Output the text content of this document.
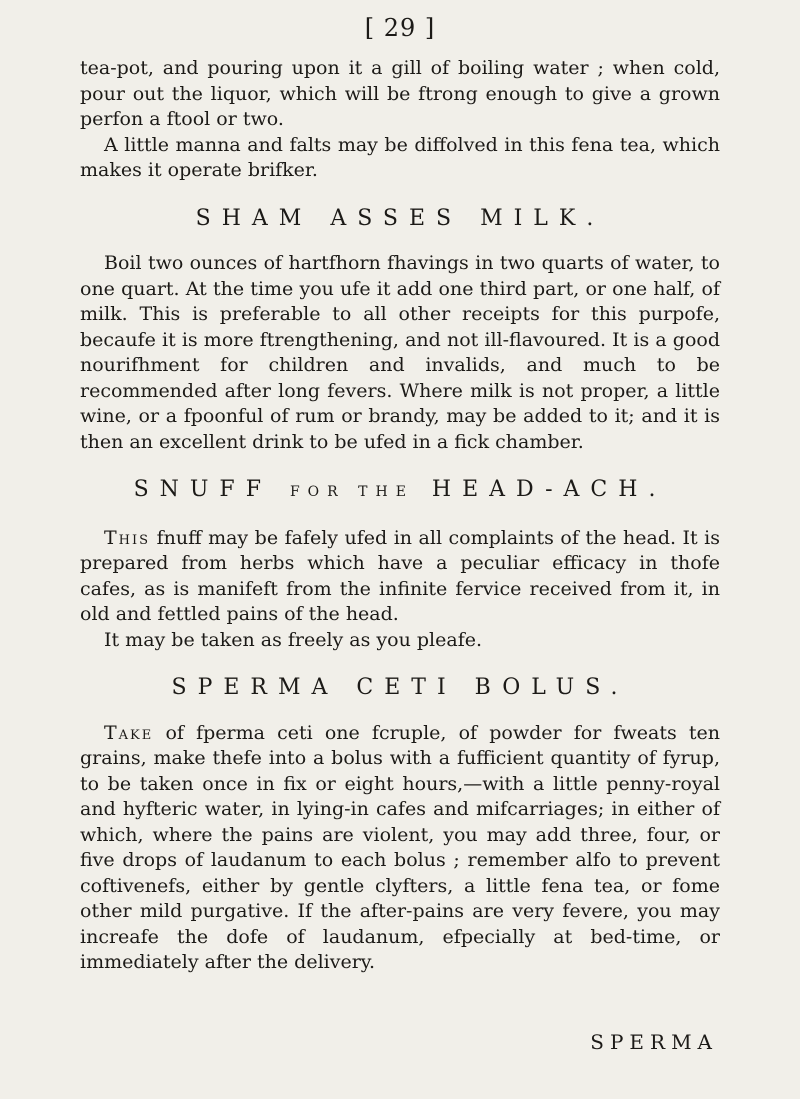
[ 29 ]

tea-pot, and pouring upon it a gill of boiling water ; when cold, pour out the liquor, which will be ftrong enough to give a grown perfon a ftool or two.

A little manna and falts may be diffolved in this fena tea, which makes it operate brifker.

SHAM ASSES MILK.

Boil two ounces of hartfhorn fhavings in two quarts of water, to one quart. At the time you ufe it add one third part, or one half, of milk. This is preferable to all other receipts for this purpofe, becaufe it is more ftrengthening, and not ill-flavoured. It is a good nourifhment for children and invalids, and much to be recommended after long fevers. Where milk is not proper, a little wine, or a fpoonful of rum or brandy, may be added to it; and it is then an excellent drink to be ufed in a fick chamber.

SNUFF FOR THE HEAD-ACH.

This fnuff may be fafely ufed in all complaints of the head. It is prepared from herbs which have a peculiar efficacy in thofe cafes, as is manifeft from the infinite fervice received from it, in old and fettled pains of the head.

It may be taken as freely as you pleafe.

SPERMA CETI BOLUS.

Take of fperma ceti one fcruple, of powder for fweats ten grains, make thefe into a bolus with a fufficient quantity of fyrup, to be taken once in fix or eight hours,—with a little penny-royal and hyfteric water, in lying-in cafes and mifcarriages; in either of which, where the pains are violent, you may add three, four, or five drops of laudanum to each bolus ; remember alfo to prevent coftivenefs, either by gentle clyfters, a little fena tea, or fome other mild purgative. If the after-pains are very fevere, you may increafe the dofe of laudanum, efpecially at bed-time, or immediately after the delivery.

SPERMA
